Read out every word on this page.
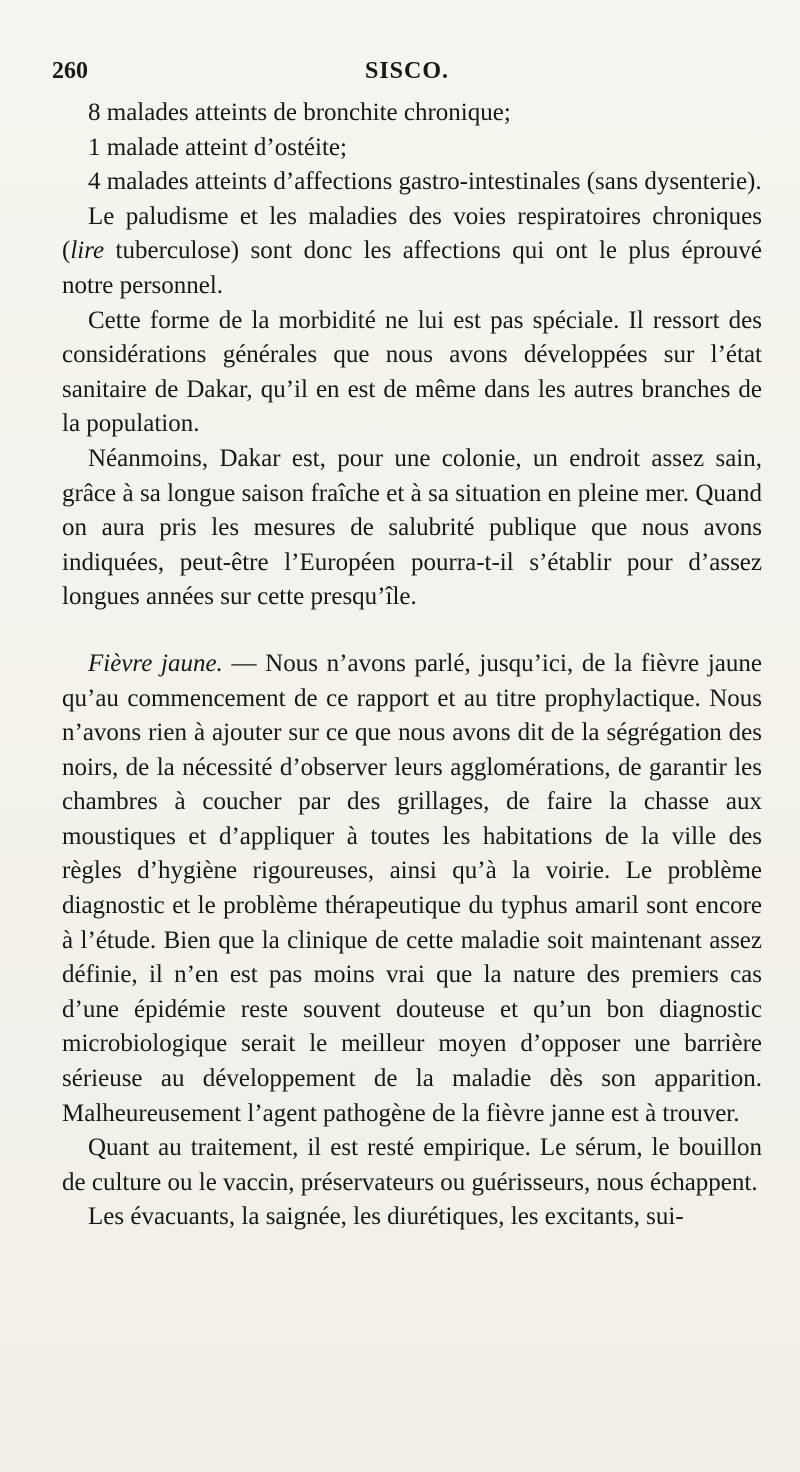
260	SISCO.

8 malades atteints de bronchite chronique;

1 malade atteint d’ostéite;

4 malades atteints d’affections gastro-intestinales (sans dysenterie).

Le paludisme et les maladies des voies respiratoires chroniques (lire tuberculose) sont donc les affections qui ont le plus éprouvé notre personnel.

Cette forme de la morbidité ne lui est pas spéciale. Il ressort des considérations générales que nous avons développées sur l’état sanitaire de Dakar, qu’il en est de même dans les autres branches de la population.

Néanmoins, Dakar est, pour une colonie, un endroit assez sain, grâce à sa longue saison fraîche et à sa situation en pleine mer. Quand on aura pris les mesures de salubrité publique que nous avons indiquées, peut-être l’Européen pourra-t-il s’établir pour d’assez longues années sur cette presqu’île.

Fièvre jaune. — Nous n’avons parlé, jusqu’ici, de la fièvre jaune qu’au commencement de ce rapport et au titre prophylactique. Nous n’avons rien à ajouter sur ce que nous avons dit de la ségrégation des noirs, de la nécessité d’observer leurs agglomérations, de garantir les chambres à coucher par des grillages, de faire la chasse aux moustiques et d’appliquer à toutes les habitations de la ville des règles d’hygiène rigoureuses, ainsi qu’à la voirie. Le problème diagnostic et le problème thérapeutique du typhus amaril sont encore à l’étude. Bien que la clinique de cette maladie soit maintenant assez définie, il n’en est pas moins vrai que la nature des premiers cas d’une épidémie reste souvent douteuse et qu’un bon diagnostic microbiologique serait le meilleur moyen d’opposer une barrière sérieuse au développement de la maladie dès son apparition. Malheureusement l’agent pathogène de la fièvre janne est à trouver.

Quant au traitement, il est resté empirique. Le sérum, le bouillon de culture ou le vaccin, préservateurs ou guérisseurs, nous échappent.

Les évacuants, la saignée, les diurétiques, les excitants, sui-
